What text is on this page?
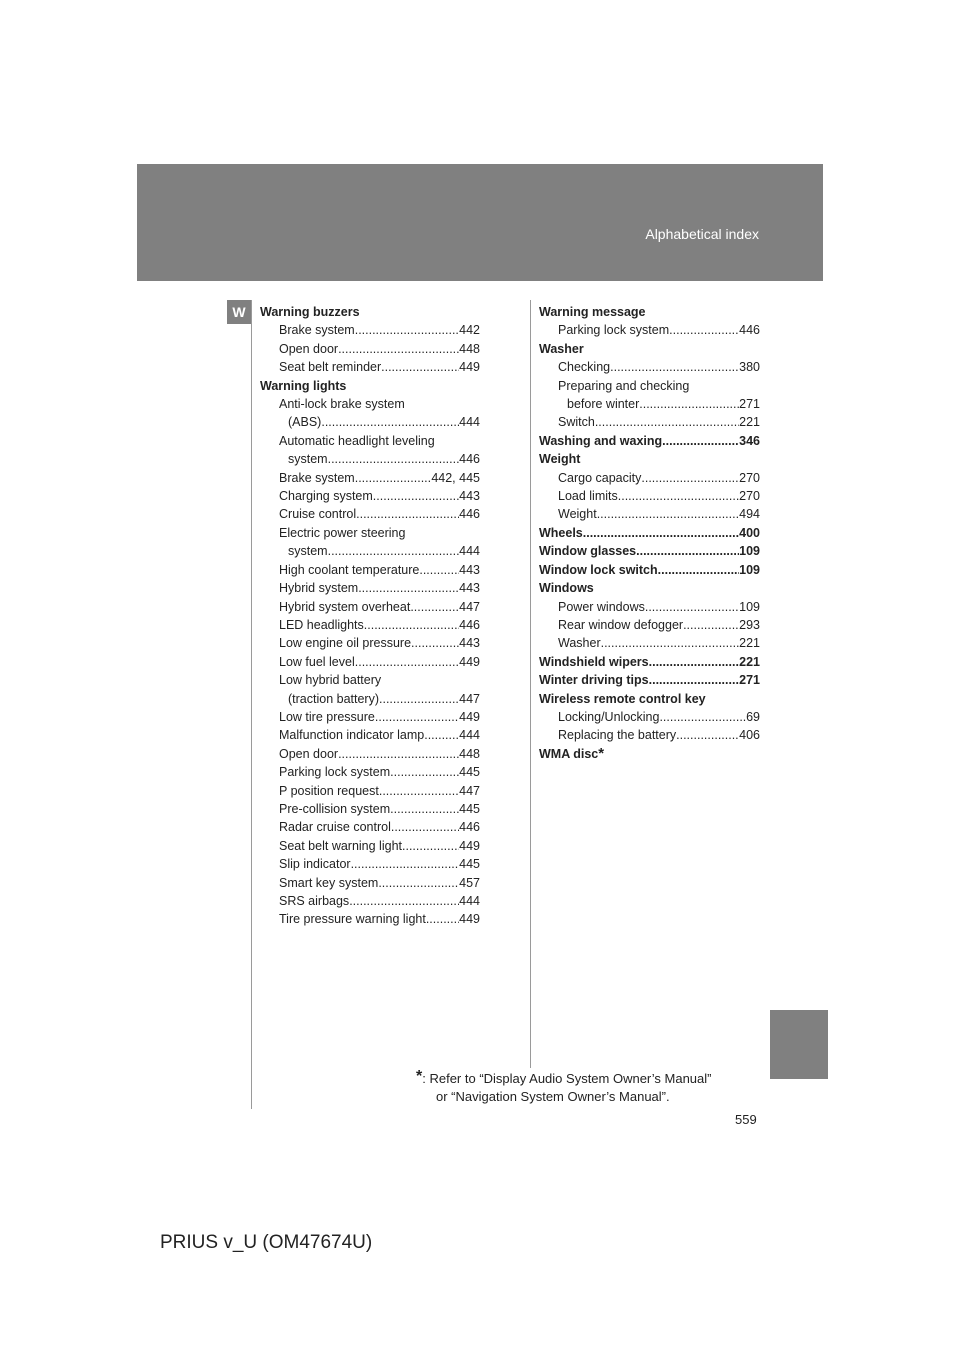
Alphabetical index
W	Warning buzzers
Brake system .....	442
Open door .....	448
Seat belt reminder .....	449
Warning lights
Anti-lock brake system
(ABS) .....	444
Automatic headlight leveling
system .....	446
Brake system .....	442, 445
Charging system .....	443
Cruise control .....	446
Electric power steering
system .....	444
High coolant temperature .....	443
Hybrid system .....	443
Hybrid system overheat .....	447
LED headlights .....	446
Low engine oil pressure .....	443
Low fuel level .....	449
Low hybrid battery
(traction battery) .....	447
Low tire pressure .....	449
Malfunction indicator lamp .....	444
Open door .....	448
Parking lock system .....	445
P position request .....	447
Pre-collision system .....	445
Radar cruise control. .....	446
Seat belt warning light .....	449
Slip indicator .....	445
Smart key system .....	457
SRS airbags .....	444
Tire pressure warning light .....	449
Warning message
Parking lock system .....	446
Washer
Checking .....	380
Preparing and checking
before winter .....	271
Switch .....	221
Washing and waxing .....	346
Weight
Cargo capacity .....	270
Load limits .....	270
Weight .....	494
Wheels .....	400
Window glasses .....	109
Window lock switch .....	109
Windows
Power windows .....	109
Rear window defogger .....	293
Washer .....	221
Windshield wipers .....	221
Winter driving tips .....	271
Wireless remote control key
Locking/Unlocking .....	69
Replacing the battery .....	406
WMA disc *
*: Refer to “Display Audio System Owner’s Manual”
or “Navigation System Owner’s Manual”.
559
PRIUS v_U (OM47674U)
